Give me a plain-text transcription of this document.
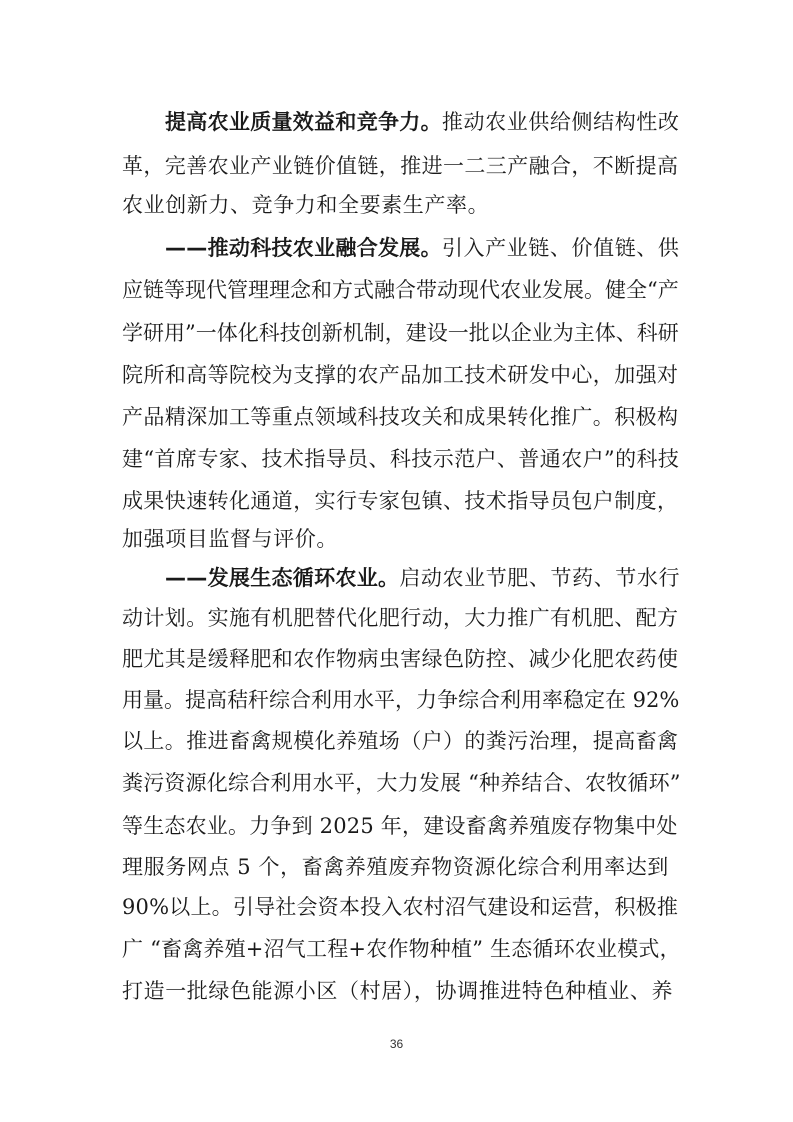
提高农业质量效益和竞争力。推动农业供给侧结构性改
革，完善农业产业链价值链，推进一二三产融合，不断提高
农业创新力、竞争力和全要素生产率。
——推动科技农业融合发展。引入产业链、价值链、供
应链等现代管理理念和方式融合带动现代农业发展。健全“产
学研用”一体化科技创新机制，建设一批以企业为主体、科研
院所和高等院校为支撑的农产品加工技术研发中心，加强对
产品精深加工等重点领域科技攻关和成果转化推广。积极构
建“首席专家、技术指导员、科技示范户、普通农户”的科技
成果快速转化通道，实行专家包镇、技术指导员包户制度，
加强项目监督与评价。
——发展生态循环农业。启动农业节肥、节药、节水行
动计划。实施有机肥替代化肥行动，大力推广有机肥、配方
肥尤其是缓释肥和农作物病虫害绿色防控、减少化肥农药使
用量。提高秸秆综合利用水平，力争综合利用率稳定在 92%
以上。推进畜禽规模化养殖场（户）的粪污治理，提高畜禽
粪污资源化综合利用水平，大力发展 “种养结合、农牧循环”
等生态农业。力争到 2025 年，建设畜禽养殖废存物集中处
理服务网点 5 个，畜禽养殖废弃物资源化综合利用率达到
90%以上。引导社会资本投入农村沼气建设和运营，积极推
广 “畜禽养殖+沼气工程+农作物种植” 生态循环农业模式，
打造一批绿色能源小区（村居），协调推进特色种植业、养
36
